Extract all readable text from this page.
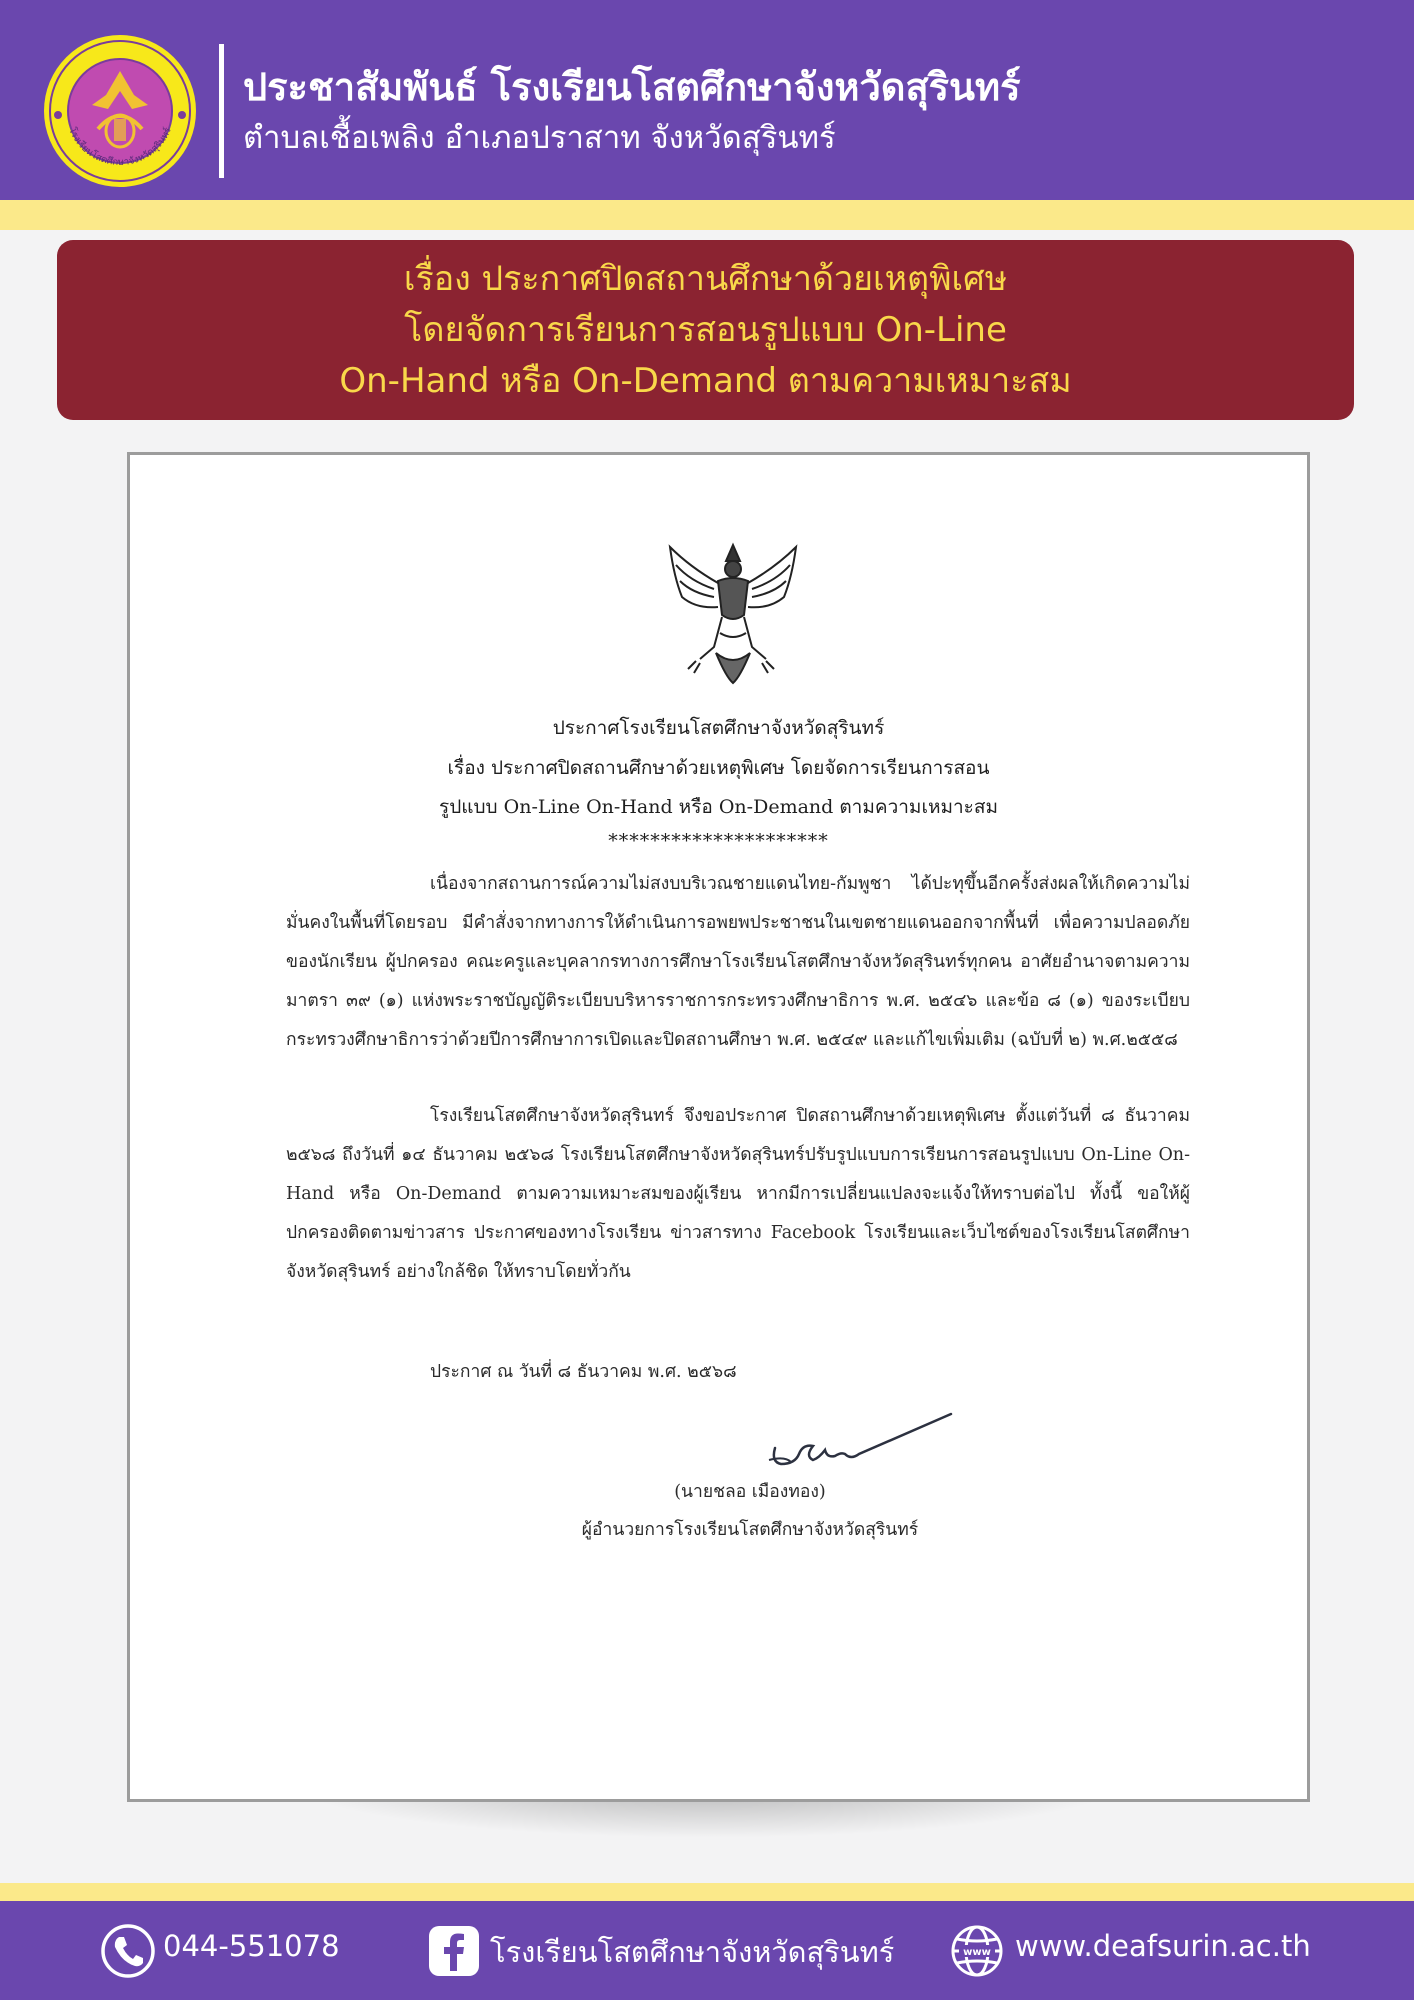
โรงเรียนโสตศึกษาจังหวัดสุรินทร์
ประชาสัมพันธ์ โรงเรียนโสตศึกษาจังหวัดสุรินทร์

ตำบลเชื้อเพลิง อำเภอปราสาท จังหวัดสุรินทร์

เรื่อง ประกาศปิดสถานศึกษาด้วยเหตุพิเศษ
โดยจัดการเรียนการสอนรูปแบบ On-Line
On-Hand หรือ On-Demand ตามความเหมาะสม

ประกาศโรงเรียนโสตศึกษาจังหวัดสุรินทร์

เรื่อง ประกาศปิดสถานศึกษาด้วยเหตุพิเศษ โดยจัดการเรียนการสอน

รูปแบบ On-Line On-Hand หรือ On-Demand ตามความเหมาะสม

*********************

เนื่องจากสถานการณ์ความไม่สงบบริเวณชายแดนไทย-กัมพูชา ได้ปะทุขึ้นอีกครั้งส่งผลให้เกิดความไม่มั่นคงในพื้นที่โดยรอบ มีคำสั่งจากทางการให้ดำเนินการอพยพประชาชนในเขตชายแดนออกจากพื้นที่ เพื่อความปลอดภัยของนักเรียน ผู้ปกครอง คณะครูและบุคลากรทางการศึกษาโรงเรียนโสตศึกษาจังหวัดสุรินทร์ทุกคน อาศัยอำนาจตามความมาตรา ๓๙ (๑) แห่งพระราชบัญญัติระเบียบบริหารราชการกระทรวงศึกษาธิการ พ.ศ. ๒๕๔๖ และข้อ ๘ (๑) ของระเบียบกระทรวงศึกษาธิการว่าด้วยปีการศึกษาการเปิดและปิดสถานศึกษา พ.ศ. ๒๕๔๙ และแก้ไขเพิ่มเติม (ฉบับที่ ๒) พ.ศ.๒๕๕๘

โรงเรียนโสตศึกษาจังหวัดสุรินทร์ จึงขอประกาศ ปิดสถานศึกษาด้วยเหตุพิเศษ ตั้งแต่วันที่ ๘ ธันวาคม ๒๕๖๘ ถึงวันที่ ๑๔ ธันวาคม ๒๕๖๘ โรงเรียนโสตศึกษาจังหวัดสุรินทร์ปรับรูปแบบการเรียนการสอนรูปแบบ On-Line On-Hand หรือ On-Demand ตามความเหมาะสมของผู้เรียน หากมีการเปลี่ยนแปลงจะแจ้งให้ทราบต่อไป ทั้งนี้ ขอให้ผู้ปกครองติดตามข่าวสาร ประกาศของทางโรงเรียน ข่าวสารทาง Facebook โรงเรียนและเว็บไซต์ของโรงเรียนโสตศึกษาจังหวัดสุรินทร์ อย่างใกล้ชิด ให้ทราบโดยทั่วกัน

ประกาศ ณ วันที่ ๘ ธันวาคม พ.ศ. ๒๕๖๘

(นายชลอ เมืองทอง)

ผู้อำนวยการโรงเรียนโสตศึกษาจังหวัดสุรินทร์

044-551078	โรงเรียนโสตศึกษาจังหวัดสุรินทร์	www www.deafsurin.ac.th
